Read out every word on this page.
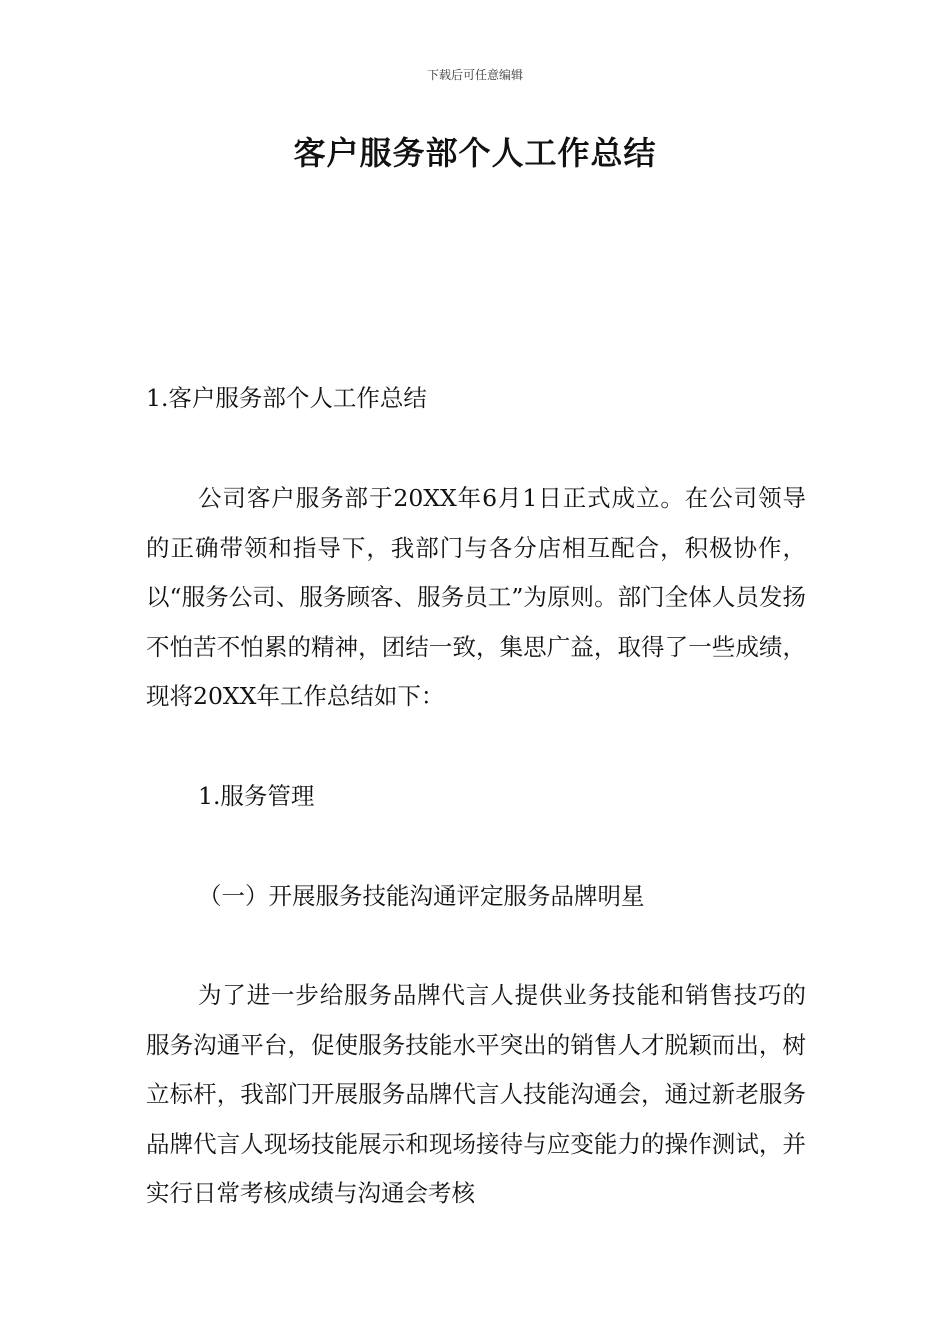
下载后可任意编辑
客户服务部个人工作总结

1.客户服务部个人工作总结

公司客户服务部于20XX年6月1日正式成立。在公司领导的正确带领和指导下，我部门与各分店相互配合，积极协作，以“服务公司、服务顾客、服务员工”为原则。部门全体人员发扬不怕苦不怕累的精神，团结一致，集思广益，取得了一些成绩，现将20XX年工作总结如下：

1.服务管理

（一）开展服务技能沟通评定服务品牌明星

为了进一步给服务品牌代言人提供业务技能和销售技巧的服务沟通平台，促使服务技能水平突出的销售人才脱颖而出，树立标杆，我部门开展服务品牌代言人技能沟通会，通过新老服务品牌代言人现场技能展示和现场接待与应变能力的操作测试，并实行日常考核成绩与沟通会考核
